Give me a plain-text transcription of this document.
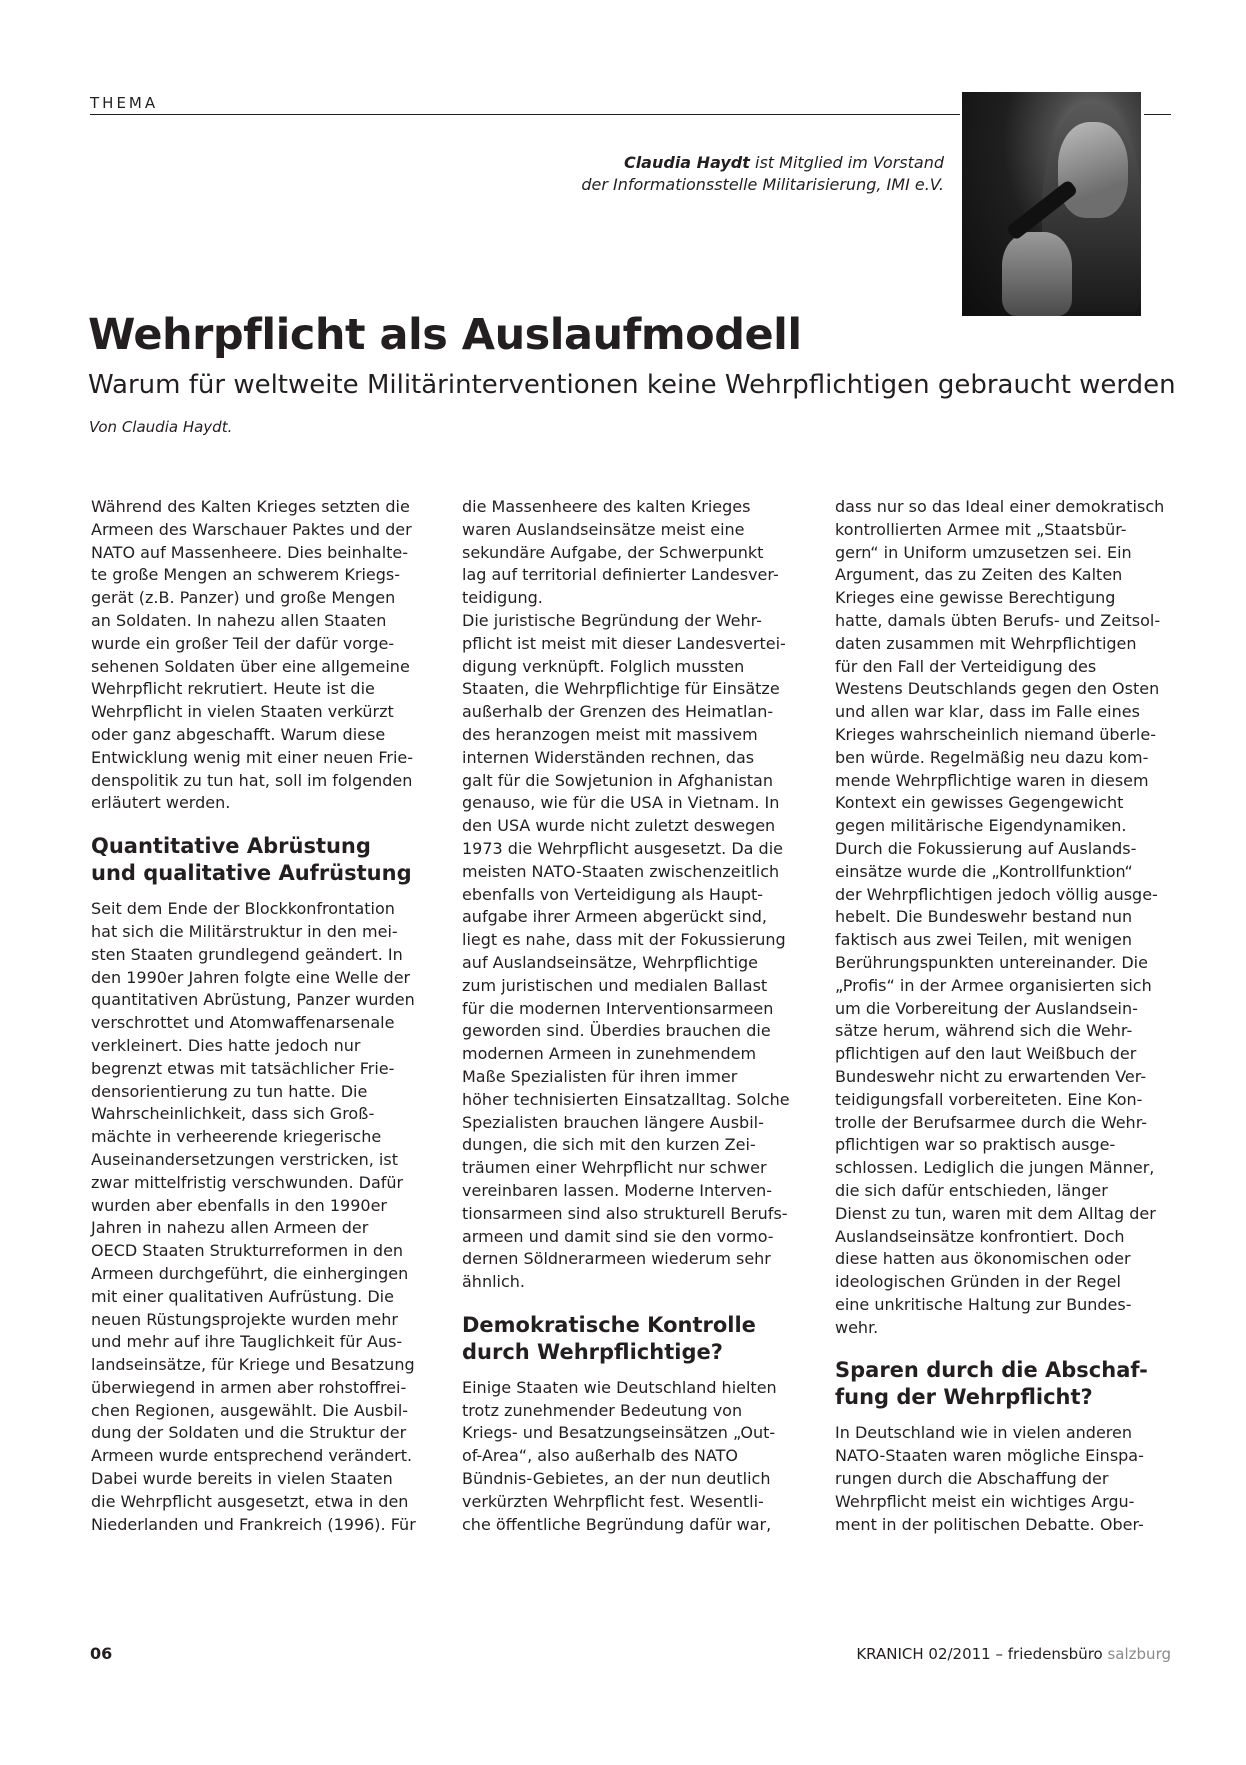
THEMA
Claudia Haydt ist Mitglied im Vorstand
der Informationsstelle Militarisierung, IMI e.V.
Wehrpflicht als Auslaufmodell
Warum für weltweite Militärinterventionen keine Wehrpflichtigen gebraucht werden
Von Claudia Haydt.

Während des Kalten Krieges setzten die
Armeen des Warschauer Paktes und der
NATO auf Massenheere. Dies beinhalte-
te große Mengen an schwerem Kriegs-
gerät (z.B. Panzer) und große Mengen
an Soldaten. In nahezu allen Staaten
wurde ein großer Teil der dafür vorge-
sehenen Soldaten über eine allgemeine
Wehrpflicht rekrutiert. Heute ist die
Wehrpflicht in vielen Staaten verkürzt
oder ganz abgeschafft. Warum diese
Entwicklung wenig mit einer neuen Frie-
denspolitik zu tun hat, soll im folgenden
erläutert werden.

Quantitative Abrüstung
und qualitative Aufrüstung

Seit dem Ende der Blockkonfrontation
hat sich die Militärstruktur in den mei-
sten Staaten grundlegend geändert. In
den 1990er Jahren folgte eine Welle der
quantitativen Abrüstung, Panzer wurden
verschrottet und Atomwaffenarsenale
verkleinert. Dies hatte jedoch nur
begrenzt etwas mit tatsächlicher Frie-
densorientierung zu tun hatte. Die
Wahrscheinlichkeit, dass sich Groß-
mächte in verheerende kriegerische
Auseinandersetzungen verstricken, ist
zwar mittelfristig verschwunden. Dafür
wurden aber ebenfalls in den 1990er
Jahren in nahezu allen Armeen der
OECD Staaten Strukturreformen in den
Armeen durchgeführt, die einhergingen
mit einer qualitativen Aufrüstung. Die
neuen Rüstungsprojekte wurden mehr
und mehr auf ihre Tauglichkeit für Aus-
landseinsätze, für Kriege und Besatzung
überwiegend in armen aber rohstoffrei-
chen Regionen, ausgewählt. Die Ausbil-
dung der Soldaten und die Struktur der
Armeen wurde entsprechend verändert.
Dabei wurde bereits in vielen Staaten
die Wehrpflicht ausgesetzt, etwa in den
Niederlanden und Frankreich (1996). Für

die Massenheere des kalten Krieges
waren Auslandseinsätze meist eine
sekundäre Aufgabe, der Schwerpunkt
lag auf territorial definierter Landesver-
teidigung.
Die juristische Begründung der Wehr-
pflicht ist meist mit dieser Landesvertei-
digung verknüpft. Folglich mussten
Staaten, die Wehrpflichtige für Einsätze
außerhalb der Grenzen des Heimatlan-
des heranzogen meist mit massivem
internen Widerständen rechnen, das
galt für die Sowjetunion in Afghanistan
genauso, wie für die USA in Vietnam. In
den USA wurde nicht zuletzt deswegen
1973 die Wehrpflicht ausgesetzt. Da die
meisten NATO-Staaten zwischenzeitlich
ebenfalls von Verteidigung als Haupt-
aufgabe ihrer Armeen abgerückt sind,
liegt es nahe, dass mit der Fokussierung
auf Auslandseinsätze, Wehrpflichtige
zum juristischen und medialen Ballast
für die modernen Interventionsarmeen
geworden sind. Überdies brauchen die
modernen Armeen in zunehmendem
Maße Spezialisten für ihren immer
höher technisierten Einsatzalltag. Solche
Spezialisten brauchen längere Ausbil-
dungen, die sich mit den kurzen Zei-
träumen einer Wehrpflicht nur schwer
vereinbaren lassen. Moderne Interven-
tionsarmeen sind also strukturell Berufs-
armeen und damit sind sie den vormo-
dernen Söldnerarmeen wiederum sehr
ähnlich.

Demokratische Kontrolle
durch Wehrpflichtige?

Einige Staaten wie Deutschland hielten
trotz zunehmender Bedeutung von
Kriegs- und Besatzungseinsätzen „Out-
of-Area“, also außerhalb des NATO
Bündnis-Gebietes, an der nun deutlich
verkürzten Wehrpflicht fest. Wesentli-
che öffentliche Begründung dafür war,

dass nur so das Ideal einer demokratisch
kontrollierten Armee mit „Staatsbür-
gern“ in Uniform umzusetzen sei. Ein
Argument, das zu Zeiten des Kalten
Krieges eine gewisse Berechtigung
hatte, damals übten Berufs- und Zeitsol-
daten zusammen mit Wehrpflichtigen
für den Fall der Verteidigung des
Westens Deutschlands gegen den Osten
und allen war klar, dass im Falle eines
Krieges wahrscheinlich niemand überle-
ben würde. Regelmäßig neu dazu kom-
mende Wehrpflichtige waren in diesem
Kontext ein gewisses Gegengewicht
gegen militärische Eigendynamiken.
Durch die Fokussierung auf Auslands-
einsätze wurde die „Kontrollfunktion“
der Wehrpflichtigen jedoch völlig ausge-
hebelt. Die Bundeswehr bestand nun
faktisch aus zwei Teilen, mit wenigen
Berührungspunkten untereinander. Die
„Profis“ in der Armee organisierten sich
um die Vorbereitung der Auslandsein-
sätze herum, während sich die Wehr-
pflichtigen auf den laut Weißbuch der
Bundeswehr nicht zu erwartenden Ver-
teidigungsfall vorbereiteten. Eine Kon-
trolle der Berufsarmee durch die Wehr-
pflichtigen war so praktisch ausge-
schlossen. Lediglich die jungen Männer,
die sich dafür entschieden, länger
Dienst zu tun, waren mit dem Alltag der
Auslandseinsätze konfrontiert. Doch
diese hatten aus ökonomischen oder
ideologischen Gründen in der Regel
eine unkritische Haltung zur Bundes-
wehr.

Sparen durch die Abschaf-
fung der Wehrpflicht?

In Deutschland wie in vielen anderen
NATO-Staaten waren mögliche Einspa-
rungen durch die Abschaffung der
Wehrpflicht meist ein wichtiges Argu-
ment in der politischen Debatte. Ober-

06	KRANICH 02/2011 – friedensbüro salzburg
